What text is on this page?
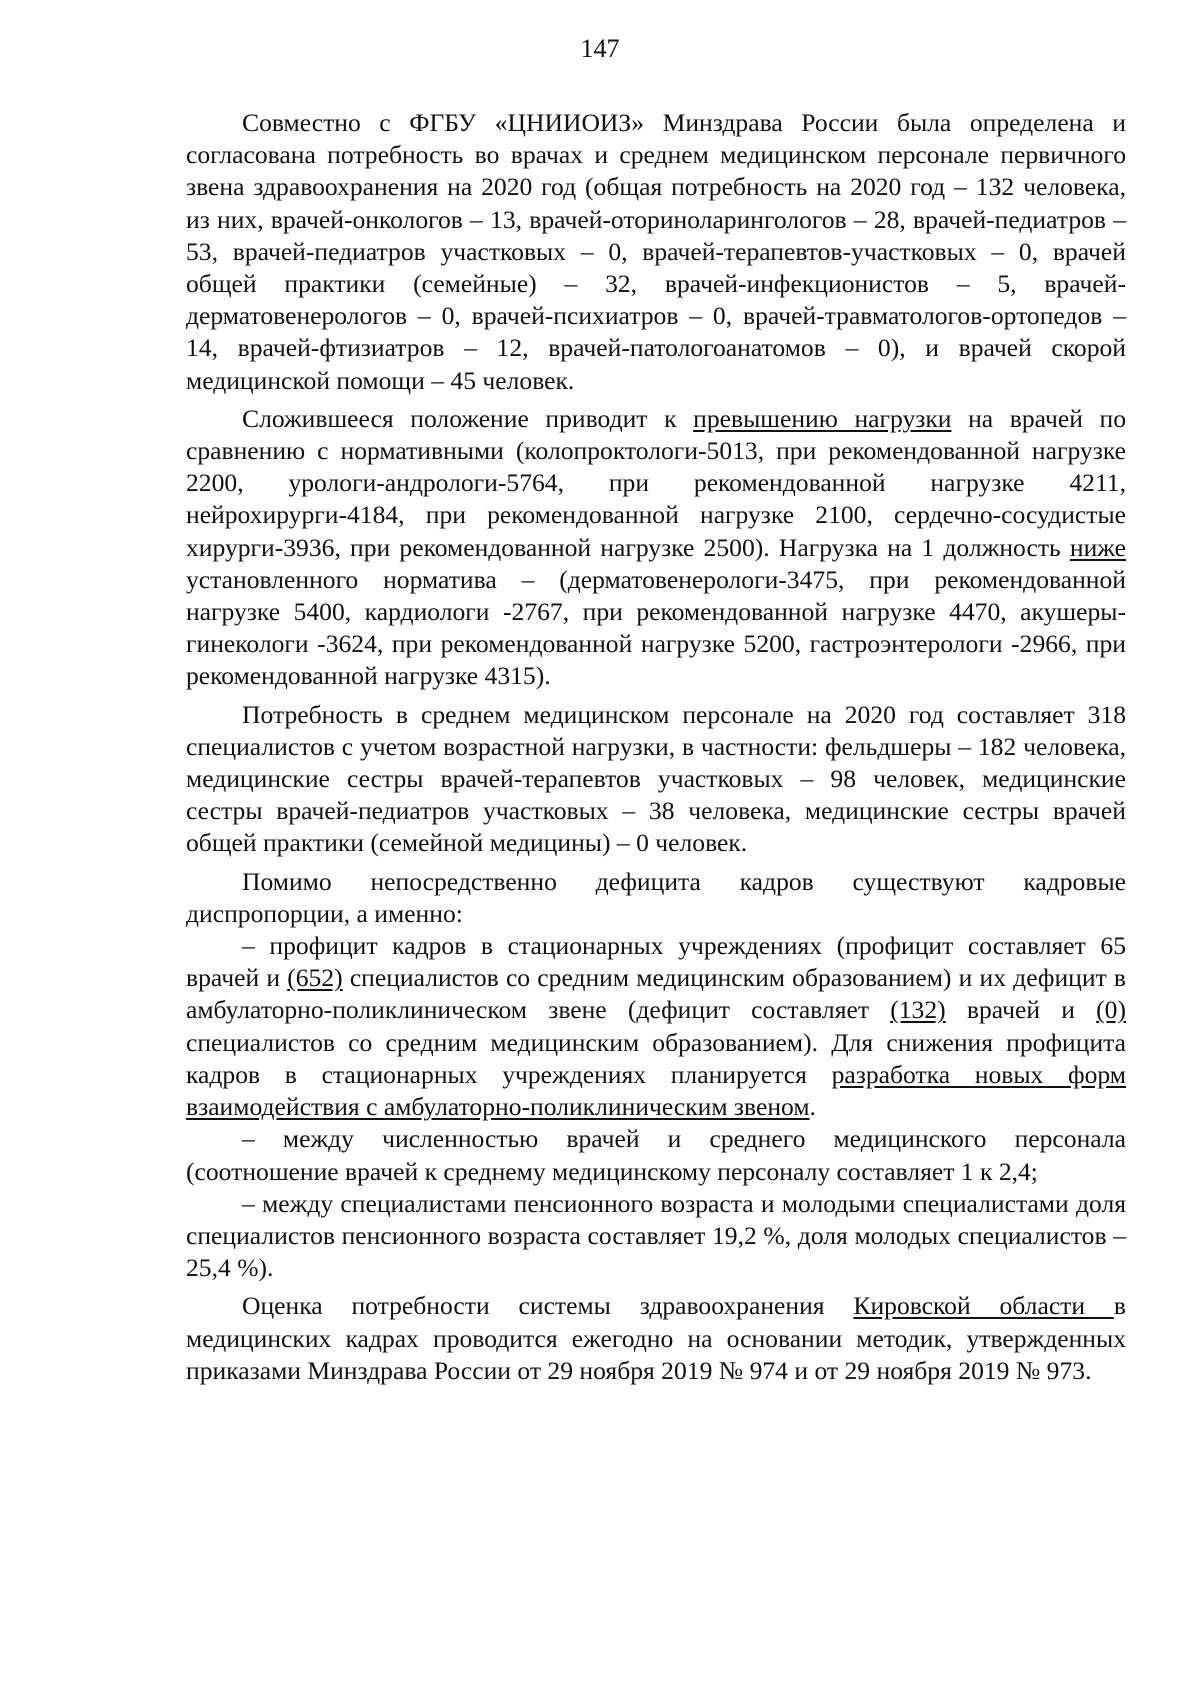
147

Совместно с ФГБУ «ЦНИИОИЗ» Минздрава России была определена и согласована потребность во врачах и среднем медицинском персонале первичного звена здравоохранения на 2020 год (общая потребность на 2020 год – 132 человека, из них, врачей-онкологов – 13, врачей-оториноларингологов – 28, врачей-педиатров – 53, врачей-педиатров участковых – 0, врачей-терапевтов-участковых – 0, врачей общей практики (семейные) – 32, врачей-инфекционистов – 5, врачей-дерматовенерологов – 0, врачей-психиатров – 0, врачей-травматологов-ортопедов – 14, врачей-фтизиатров – 12, врачей-патологоанатомов – 0), и врачей скорой медицинской помощи – 45 человек.

Сложившееся положение приводит к превышению нагрузки на врачей по сравнению с нормативными (колопроктологи-5013, при рекомендованной нагрузке 2200, урологи-андрологи-5764, при рекомендованной нагрузке 4211, нейрохирурги-4184, при рекомендованной нагрузке 2100, сердечно-сосудистые хирурги-3936, при рекомендованной нагрузке 2500). Нагрузка на 1 должность ниже установленного норматива – (дерматовенерологи-3475, при рекомендованной нагрузке 5400, кардиологи -2767, при рекомендованной нагрузке 4470, акушеры-гинекологи -3624, при рекомендованной нагрузке 5200, гастроэнтерологи -2966, при рекомендованной нагрузке 4315).

Потребность в среднем медицинском персонале на 2020 год составляет 318 специалистов с учетом возрастной нагрузки, в частности: фельдшеры – 182 человека, медицинские сестры врачей-терапевтов участковых – 98 человек, медицинские сестры врачей-педиатров участковых – 38 человека, медицинские сестры врачей общей практики (семейной медицины) – 0 человек.

Помимо непосредственно дефицита кадров существуют кадровые диспропорции, а именно:

– профицит кадров в стационарных учреждениях (профицит составляет 65 врачей и (652) специалистов со средним медицинским образованием) и их дефицит в амбулаторно-поликлиническом звене (дефицит составляет (132) врачей и (0) специалистов со средним медицинским образованием). Для снижения профицита кадров в стационарных учреждениях планируется разработка новых форм взаимодействия с амбулаторно-поликлиническим звеном.

– между численностью врачей и среднего медицинского персонала (соотношение врачей к среднему медицинскому персоналу составляет 1 к 2,4;

– между специалистами пенсионного возраста и молодыми специалистами доля специалистов пенсионного возраста составляет 19,2 %, доля молодых специалистов – 25,4 %).

Оценка потребности системы здравоохранения Кировской области в медицинских кадрах проводится ежегодно на основании методик, утвержденных приказами Минздрава России от 29 ноября 2019 № 974 и от 29 ноября 2019 № 973.
